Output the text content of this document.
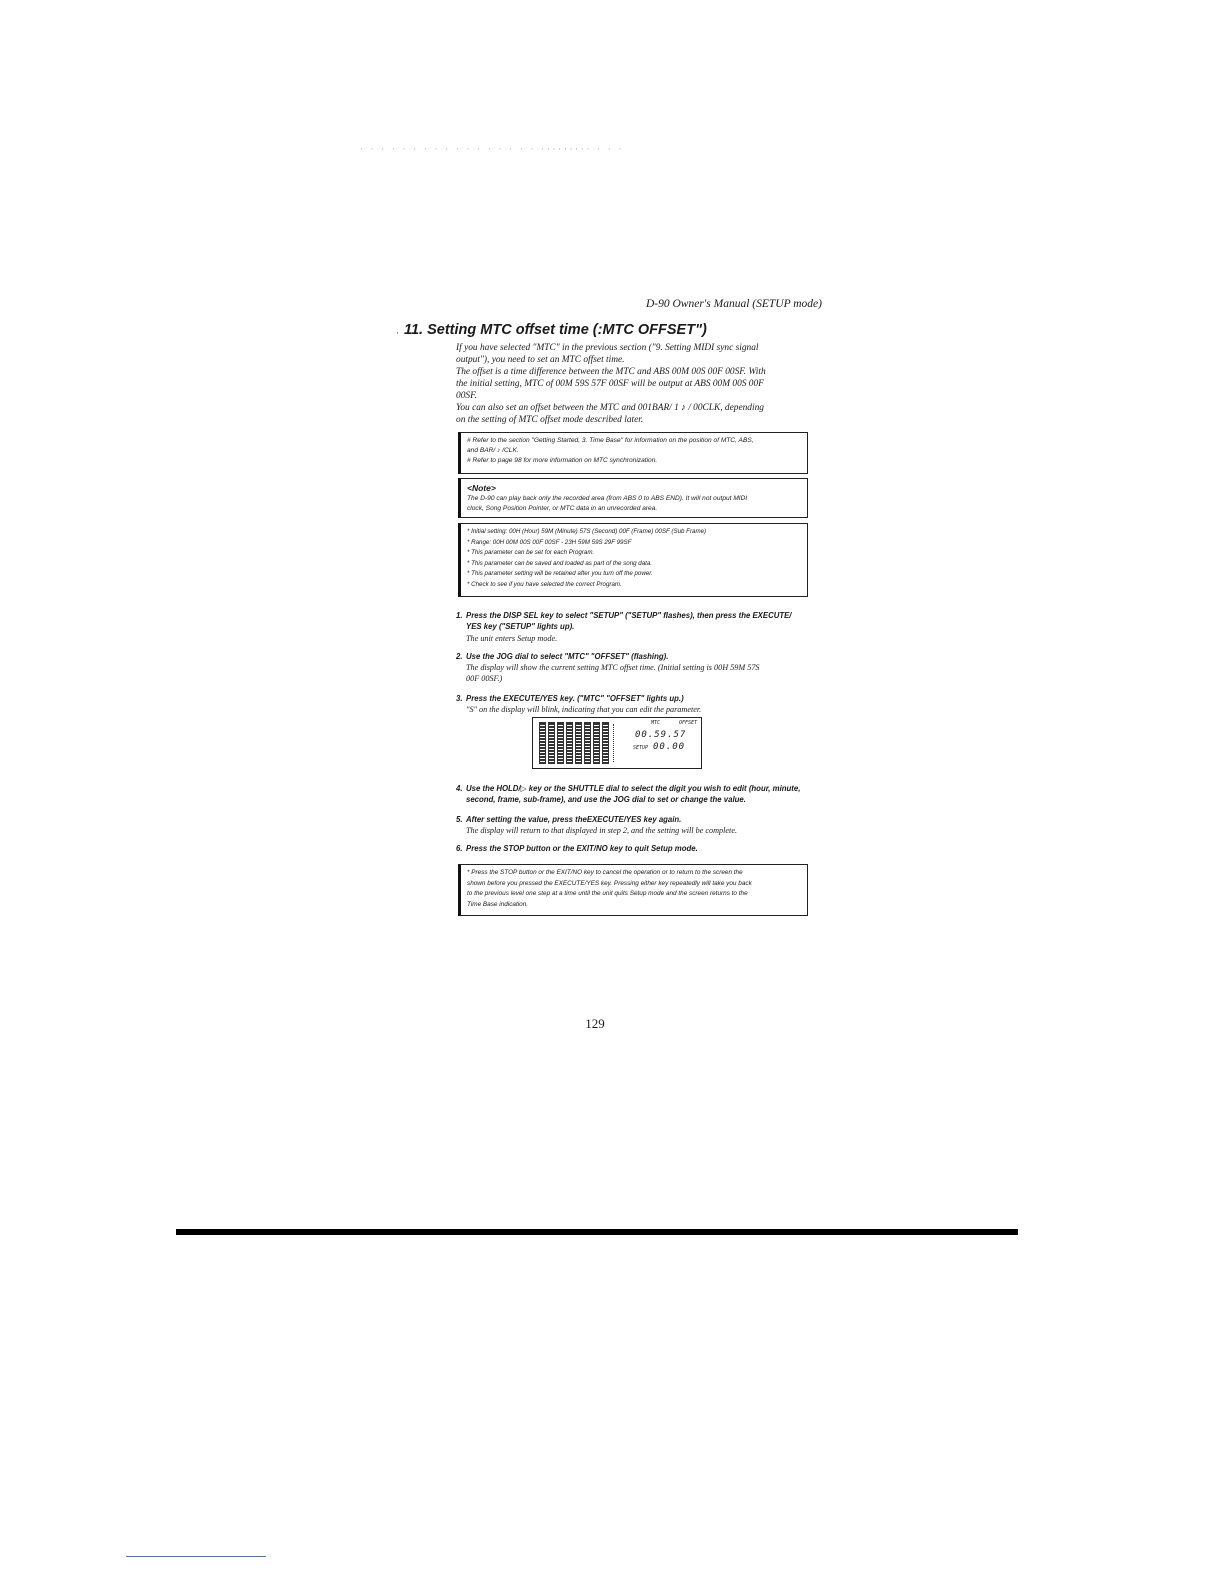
· · · · · · · · · · · · · · · · · ········· · · ·
D-90 Owner's Manual (SETUP mode)
· 11. Setting MTC offset time (:MTC OFFSET")
If you have selected "MTC" in the previous section ("9. Setting MIDI sync signal
output"), you need to set an MTC offset time.
The offset is a time difference between the MTC and ABS 00M 00S 00F 00SF. With
the initial setting, MTC of 00M 59S 57F 00SF will be output at ABS 00M 00S 00F
00SF.
You can also set an offset between the MTC and 001BAR/ 1 ♪ / 00CLK, depending
on the setting of MTC offset mode described later.
# Refer to the section "Getting Started, 3. Time Base" for information on the position of MTC, ABS,
and BAR/ ♪ /CLK.
# Refer to page 98 for more information on MTC synchronization.
<Note>
The D-90 can play back only the recorded area (from ABS 0 to ABS END). It will not output MIDI
clock, Song Position Pointer, or MTC data in an unrecorded area.
* Initial setting: 00H (Hour) 59M (Minute) 57S (Second) 00F (Frame) 00SF (Sub Frame)
* Range: 00H 00M 00S 00F 00SF - 23H 59M 59S 29F 99SF
* This parameter can be set for each Program.
* This parameter can be saved and loaded as part of the song data.
* This parameter setting will be retained after you turn off the power.
* Check to see if you have selected the correct Program.
1. Press the DISP SEL key to select "SETUP" ("SETUP" flashes), then press the EXECUTE/
YES key ("SETUP" lights up).
The unit enters Setup mode.
2. Use the JOG dial to select "MTC" "OFFSET" (flashing).
The display will show the current setting MTC offset time. (Initial setting is 00H 59M 57S
00F 00SF.)
3. Press the EXECUTE/YES key. ("MTC" "OFFSET" lights up.)
"S" on the display will blink, indicating that you can edit the parameter.
MTC	OFFSET
00.59.57
SETUP 00.00
4. Use the HOLD/▷ key or the SHUTTLE dial to select the digit you wish to edit (hour, minute,
second, frame, sub-frame), and use the JOG dial to set or change the value.
5. After setting the value, press theEXECUTE/YES key again.
The display will return to that displayed in step 2, and the setting will be complete.
6. Press the STOP button or the EXIT/NO key to quit Setup mode.
* Press the STOP button or the EXIT/NO key to cancel the operation or to return to the screen the
shown before you pressed the EXECUTE/YES key. Pressing either key repeatedly will take you back
to the previous level one step at a time until the unit quits Setup mode and the screen returns to the
Time Base indication.
129
